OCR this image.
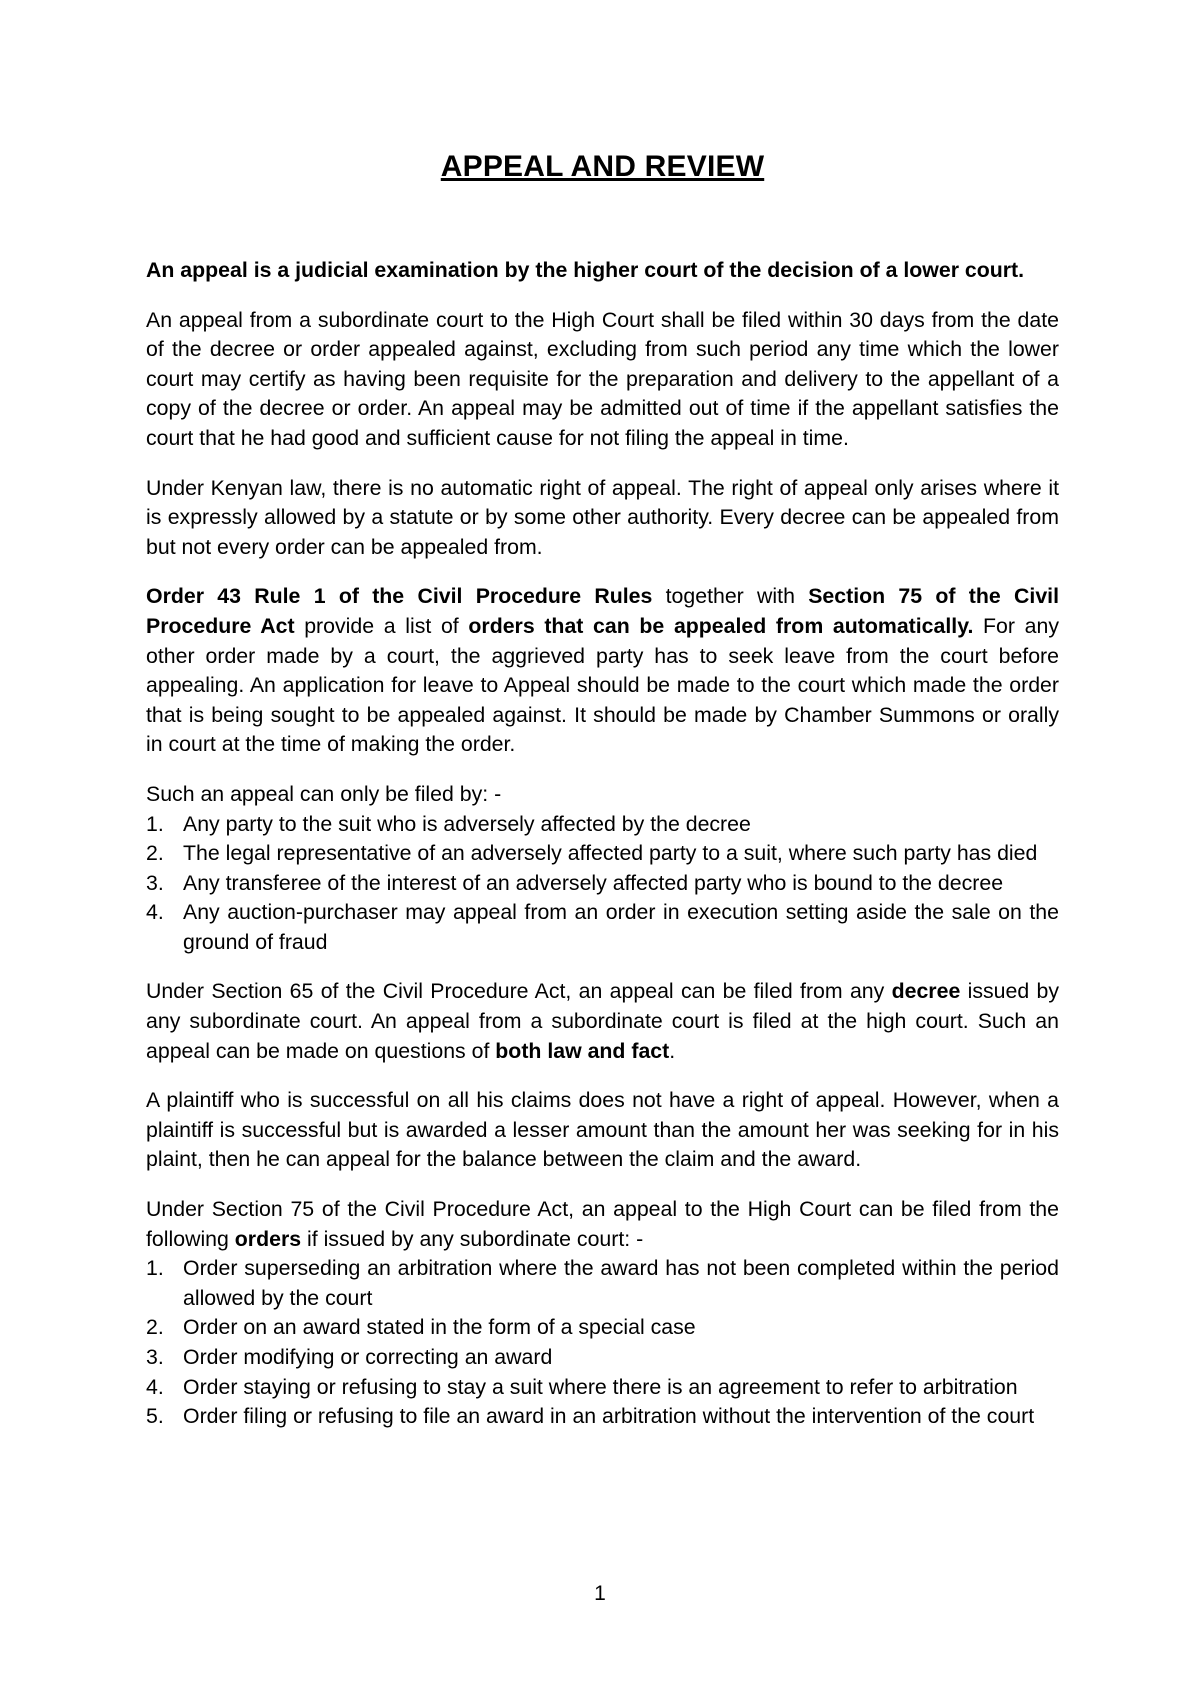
APPEAL AND REVIEW

An appeal is a judicial examination by the higher court of the decision of a lower court.

An appeal from a subordinate court to the High Court shall be filed within 30 days from the date of the decree or order appealed against, excluding from such period any time which the lower court may certify as having been requisite for the preparation and delivery to the appellant of a copy of the decree or order. An appeal may be admitted out of time if the appellant satisfies the court that he had good and sufficient cause for not filing the appeal in time.

Under Kenyan law, there is no automatic right of appeal. The right of appeal only arises where it is expressly allowed by a statute or by some other authority. Every decree can be appealed from but not every order can be appealed from.

Order 43 Rule 1 of the Civil Procedure Rules together with Section 75 of the Civil Procedure Act provide a list of orders that can be appealed from automatically. For any other order made by a court, the aggrieved party has to seek leave from the court before appealing. An application for leave to Appeal should be made to the court which made the order that is being sought to be appealed against. It should be made by Chamber Summons or orally in court at the time of making the order.

Such an appeal can only be filed by: -

1. Any party to the suit who is adversely affected by the decree
2. The legal representative of an adversely affected party to a suit, where such party has died
3. Any transferee of the interest of an adversely affected party who is bound to the decree
4. Any auction-purchaser may appeal from an order in execution setting aside the sale on the ground of fraud

Under Section 65 of the Civil Procedure Act, an appeal can be filed from any decree issued by any subordinate court. An appeal from a subordinate court is filed at the high court. Such an appeal can be made on questions of both law and fact.

A plaintiff who is successful on all his claims does not have a right of appeal. However, when a plaintiff is successful but is awarded a lesser amount than the amount her was seeking for in his plaint, then he can appeal for the balance between the claim and the award.

Under Section 75 of the Civil Procedure Act, an appeal to the High Court can be filed from the following orders if issued by any subordinate court: -

1. Order superseding an arbitration where the award has not been completed within the period allowed by the court
2. Order on an award stated in the form of a special case
3. Order modifying or correcting an award
4. Order staying or refusing to stay a suit where there is an agreement to refer to arbitration
5. Order filing or refusing to file an award in an arbitration without the intervention of the court
1
